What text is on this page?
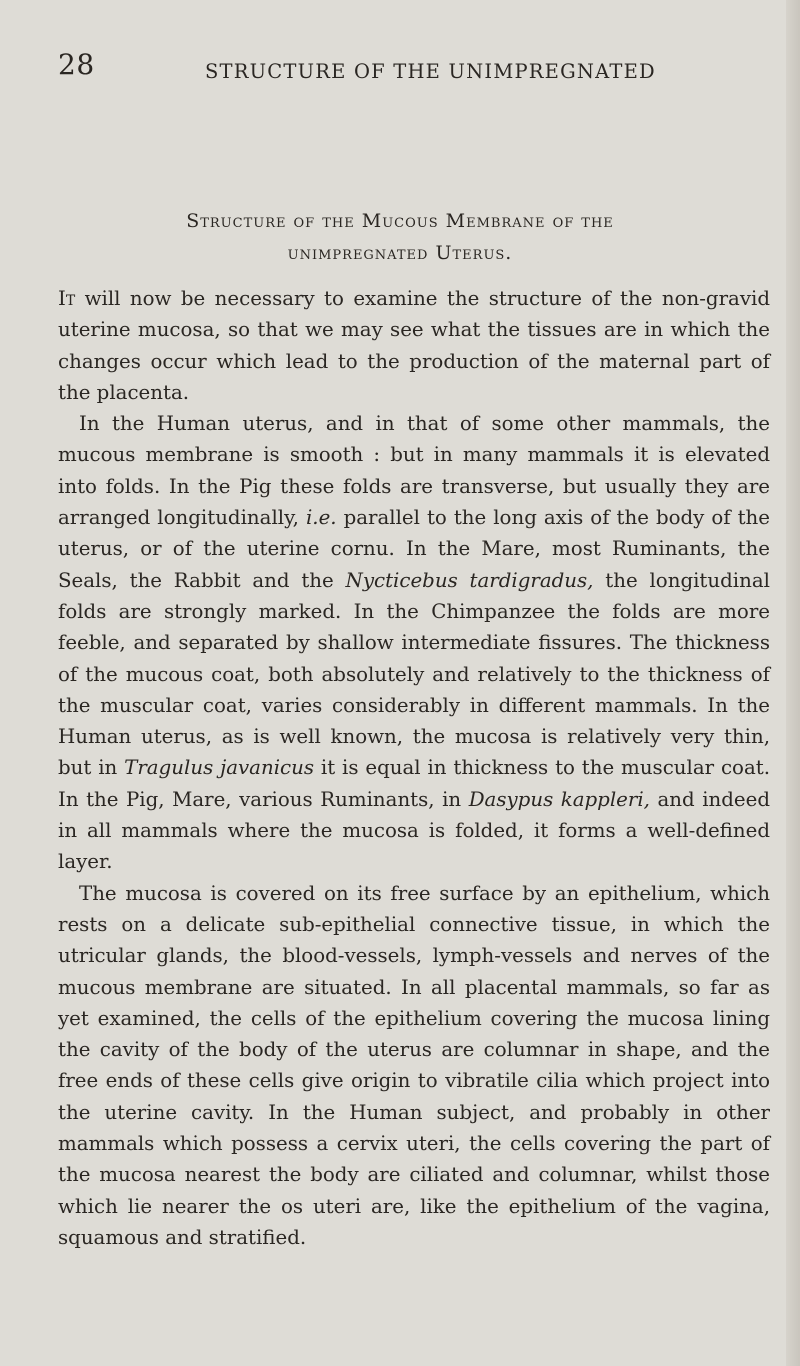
28	STRUCTURE OF THE UNIMPREGNATED
Structure of the Mucous Membrane of the
unimpregnated Uterus.

It will now be necessary to examine the structure of the non-gravid uterine mucosa, so that we may see what the tissues are in which the changes occur which lead to the production of the maternal part of the placenta.

In the Human uterus, and in that of some other mammals, the mucous membrane is smooth : but in many mammals it is elevated into folds. In the Pig these folds are transverse, but usually they are arranged longitudinally, i.e. parallel to the long axis of the body of the uterus, or of the uterine cornu. In the Mare, most Ruminants, the Seals, the Rabbit and the Nycticebus tardigradus, the longitudinal folds are strongly marked. In the Chimpanzee the folds are more feeble, and separated by shallow intermediate fissures. The thickness of the mucous coat, both absolutely and relatively to the thickness of the muscular coat, varies considerably in different mammals. In the Human uterus, as is well known, the mucosa is relatively very thin, but in Tragulus javanicus it is equal in thickness to the muscular coat. In the Pig, Mare, various Ruminants, in Dasypus kappleri, and indeed in all mammals where the mucosa is folded, it forms a well-defined layer.

The mucosa is covered on its free surface by an epithelium, which rests on a delicate sub-epithelial connective tissue, in which the utricular glands, the blood-vessels, lymph-vessels and nerves of the mucous membrane are situated. In all placental mammals, so far as yet examined, the cells of the epithelium covering the mucosa lining the cavity of the body of the uterus are columnar in shape, and the free ends of these cells give origin to vibratile cilia which project into the uterine cavity. In the Human subject, and probably in other mammals which possess a cervix uteri, the cells covering the part of the mucosa nearest the body are ciliated and columnar, whilst those which lie nearer the os uteri are, like the epithelium of the vagina, squamous and stratified.
